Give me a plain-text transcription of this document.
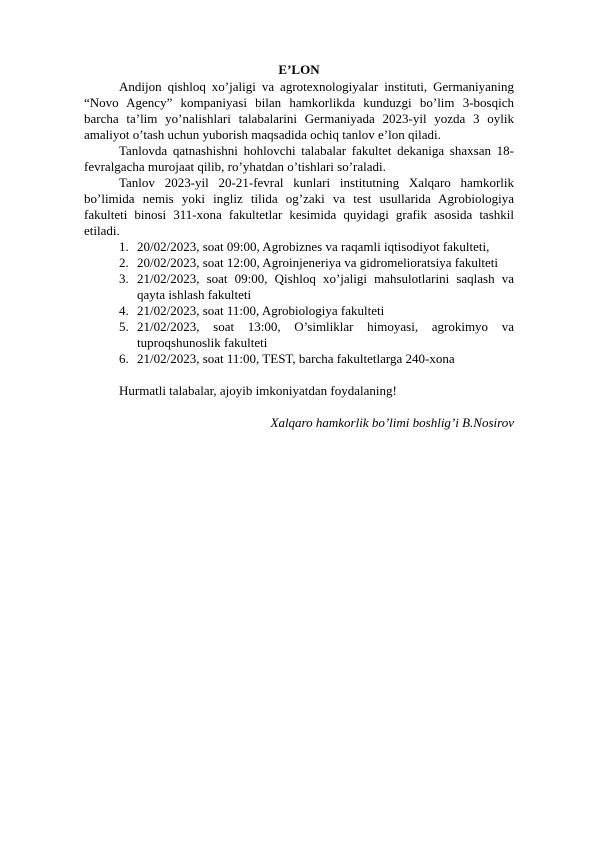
E’LON

Andijon qishloq xo’jaligi va agrotexnologiyalar instituti, Germaniyaning “Novo Agency” kompaniyasi bilan hamkorlikda kunduzgi bo’lim 3-bosqich barcha ta’lim yo’nalishlari talabalarini Germaniyada 2023-yil yozda 3 oylik amaliyot o’tash uchun yuborish maqsadida ochiq tanlov e’lon qiladi.

Tanlovda qatnashishni hohlovchi talabalar fakultet dekaniga shaxsan 18-fevralgacha murojaat qilib, ro’yhatdan o’tishlari so’raladi.

Tanlov 2023-yil 20-21-fevral kunlari institutning Xalqaro hamkorlik bo’limida nemis yoki ingliz tilida og’zaki va test usullarida Agrobiologiya fakulteti binosi 311-xona fakultetlar kesimida quyidagi grafik asosida tashkil etiladi.

1. 20/02/2023, soat 09:00, Agrobiznes va raqamli iqtisodiyot fakulteti,
2. 20/02/2023, soat 12:00, Agroinjeneriya va gidromelioratsiya fakulteti
3. 21/02/2023, soat 09:00, Qishloq xo’jaligi mahsulotlarini saqlash va qayta ishlash fakulteti
4. 21/02/2023, soat 11:00, Agrobiologiya fakulteti
5. 21/02/2023, soat 13:00, O’simliklar himoyasi, agrokimyo va tuproqshunoslik fakulteti
6. 21/02/2023, soat 11:00, TEST, barcha fakultetlarga 240-xona

Hurmatli talabalar, ajoyib imkoniyatdan foydalaning!

Xalqaro hamkorlik bo’limi boshlig’i B.Nosirov
